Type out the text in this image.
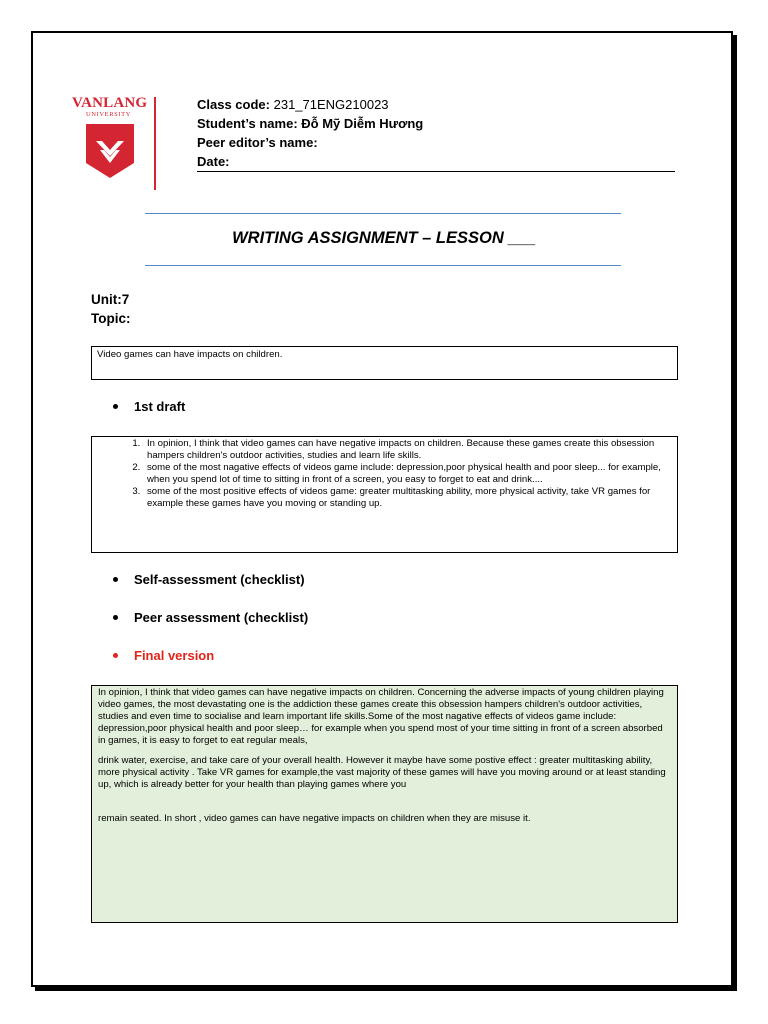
VANLANG
UNIVERSITY
Class code: 231_71ENG210023
Student’s name: Đỗ Mỹ Diễm Hương
Peer editor’s name:
Date:
WRITING ASSIGNMENT – LESSON ___
Unit:7
Topic:
Video games can have impacts on children.
1st draft
1. In opinion, I think that video games can have negative impacts on children. Because these games create this obsession hampers children's outdoor activities, studies and learn life skills.
2. some of the most nagative effects of videos game include: depression,poor physical health and poor sleep... for example, when you spend lot of time to sitting in front of a screen, you easy to forget to eat and drink....
3. some of the most positive effects of videos game: greater multitasking ability, more physical activity, take VR games for example these games have you moving or standing up.
Self-assessment (checklist)
Peer assessment (checklist)
Final version

In opinion, I think that video games can have negative impacts on children. Concerning the adverse impacts of young children playing video games, the most devastating one is the addiction these games create this obsession hampers children's outdoor activities, studies and even time to socialise and learn important life skills.Some of the most nagative effects of videos game include: depression,poor physical health and poor sleep… for example when you spend most of your time sitting in front of a screen absorbed in games, it is easy to forget to eat regular meals,

drink water, exercise, and take care of your overall health. However it maybe have some postive effect : greater multitasking ability, more physical activity . Take VR games for example,the vast majority of these games will have you moving around or at least standing up, which is already better for your health than playing games where you

remain seated. In short , video games can have negative impacts on children when they are misuse it.
